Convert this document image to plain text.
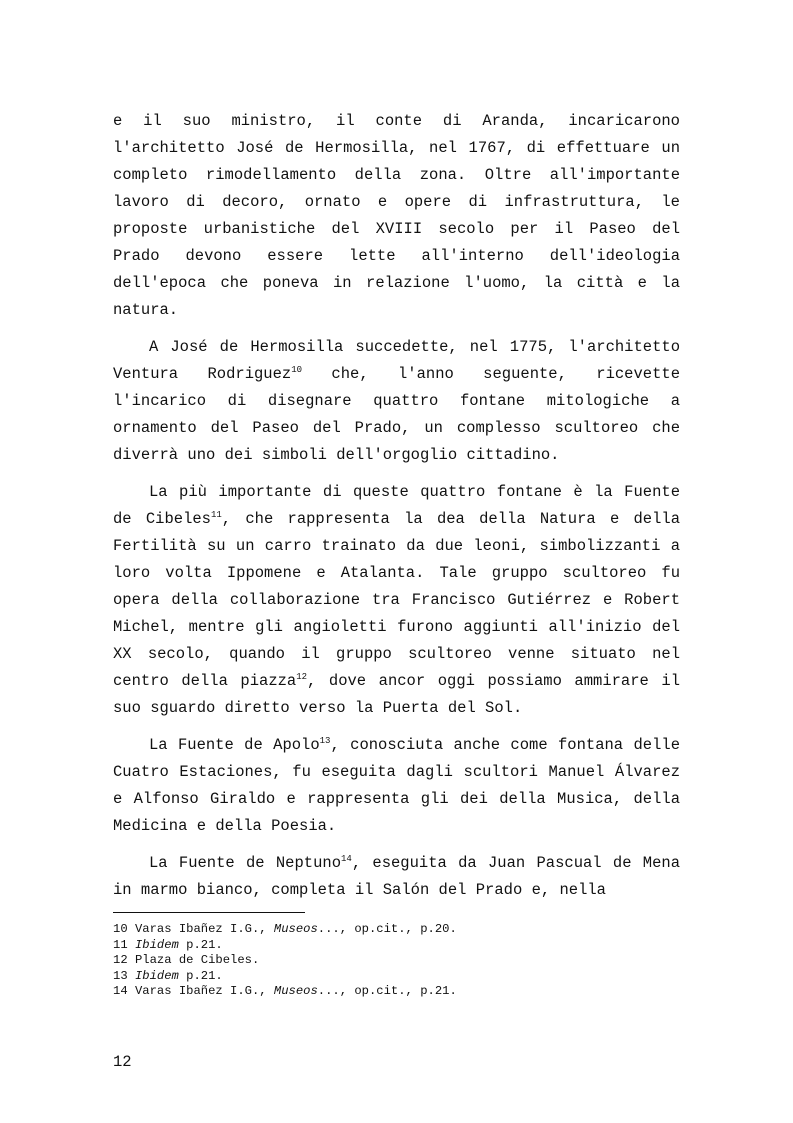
e il suo ministro, il conte di Aranda, incaricarono l'architetto José de Hermosilla, nel 1767, di effettuare un completo rimodellamento della zona. Oltre all'importante lavoro di decoro, ornato e opere di infrastruttura, le proposte urbanistiche del XVIII secolo per il Paseo del Prado devono essere lette all'interno dell'ideologia dell'epoca che poneva in relazione l'uomo, la città e la natura.

A José de Hermosilla succedette, nel 1775, l'architetto Ventura Rodriguez$^{10}$ che, l'anno seguente, ricevette l'incarico di disegnare quattro fontane mitologiche a ornamento del Paseo del Prado, un complesso scultoreo che diverrà uno dei simboli dell'orgoglio cittadino.

La più importante di queste quattro fontane è la Fuente de Cibeles$^{11}$, che rappresenta la dea della Natura e della Fertilità su un carro trainato da due leoni, simbolizzanti a loro volta Ippomene e Atalanta. Tale gruppo scultoreo fu opera della collaborazione tra Francisco Gutiérrez e Robert Michel, mentre gli angioletti furono aggiunti all'inizio del XX secolo, quando il gruppo scultoreo venne situato nel centro della piazza$^{12}$, dove ancor oggi possiamo ammirare il suo sguardo diretto verso la Puerta del Sol.

La Fuente de Apolo$^{13}$, conosciuta anche come fontana delle Cuatro Estaciones, fu eseguita dagli scultori Manuel Álvarez e Alfonso Giraldo e rappresenta gli dei della Musica, della Medicina e della Poesia.

La Fuente de Neptuno$^{14}$, eseguita da Juan Pascual de Mena in marmo bianco, completa il Salón del Prado e, nella

10 Varas Ibañez I.G., Museos..., op.cit., p.20.
11 Ibidem p.21.
12 Plaza de Cibeles.
13 Ibidem p.21.
14 Varas Ibañez I.G., Museos..., op.cit., p.21.
12
